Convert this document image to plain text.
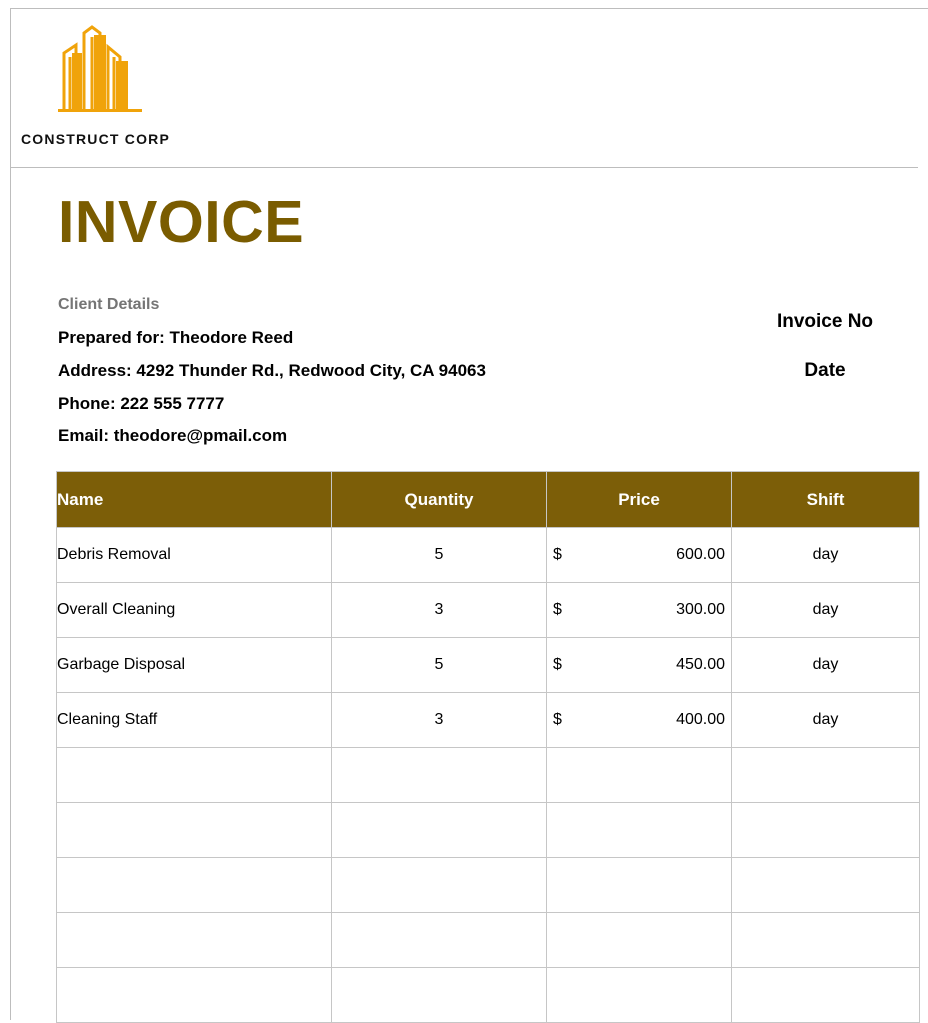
CONSTRUCT CORP
INVOICE
Client Details
Prepared for: Theodore Reed
Address: 4292 Thunder Rd., Redwood City, CA 94063
Phone: 222 555 7777
Email: theodore@pmail.com
Invoice No
Date
Name	Quantity	Price	Shift
Debris Removal	5	$ 600.00	day
Overall Cleaning	3	$ 300.00	day
Garbage Disposal	5	$ 450.00	day
Cleaning Staff	3	$ 400.00	day
